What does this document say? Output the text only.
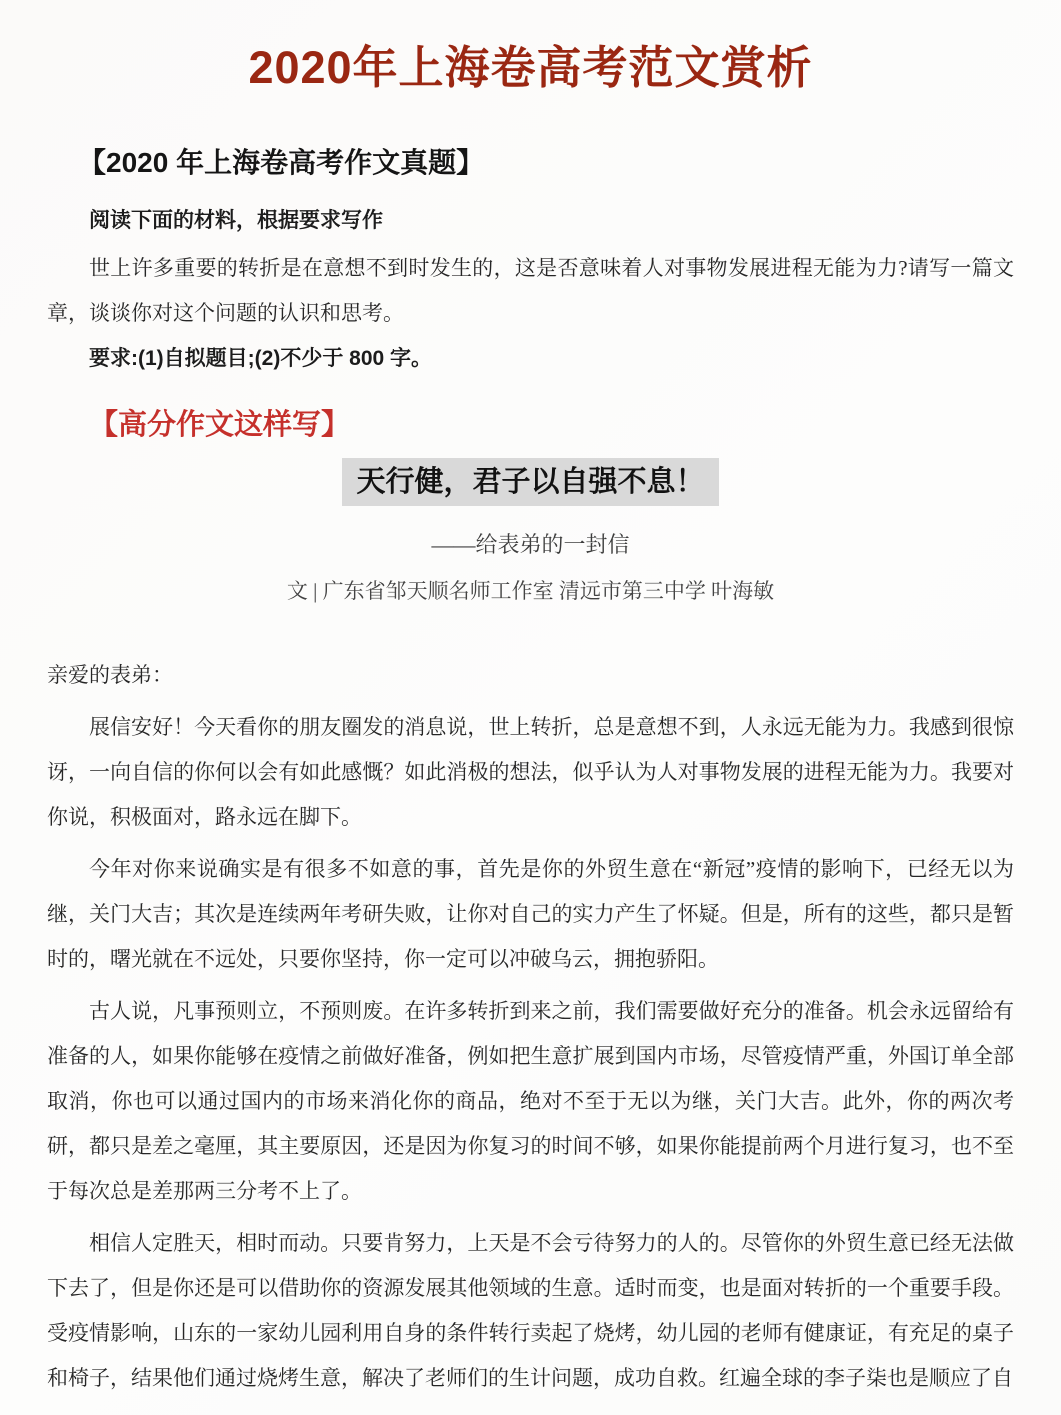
2020年上海卷高考范文赏析
【2020 年上海卷高考作文真题】

阅读下面的材料，根据要求写作

世上许多重要的转折是在意想不到时发生的，这是否意味着人对事物发展进程无能为力?请写一篇文章，谈谈你对这个问题的认识和思考。

要求:(1)自拟题目;(2)不少于 800 字。

【高分作文这样写】
天行健，君子以自强不息！

——给表弟的一封信

文 | 广东省邹天顺名师工作室 清远市第三中学 叶海敏

亲爱的表弟：

展信安好！今天看你的朋友圈发的消息说，世上转折，总是意想不到，人永远无能为力。我感到很惊讶，一向自信的你何以会有如此感慨？如此消极的想法，似乎认为人对事物发展的进程无能为力。我要对你说，积极面对，路永远在脚下。

今年对你来说确实是有很多不如意的事，首先是你的外贸生意在“新冠”疫情的影响下，已经无以为继，关门大吉；其次是连续两年考研失败，让你对自己的实力产生了怀疑。但是，所有的这些，都只是暂时的，曙光就在不远处，只要你坚持，你一定可以冲破乌云，拥抱骄阳。

古人说，凡事预则立，不预则废。在许多转折到来之前，我们需要做好充分的准备。机会永远留给有准备的人，如果你能够在疫情之前做好准备，例如把生意扩展到国内市场，尽管疫情严重，外国订单全部取消，你也可以通过国内的市场来消化你的商品，绝对不至于无以为继，关门大吉。此外，你的两次考研，都只是差之毫厘，其主要原因，还是因为你复习的时间不够，如果你能提前两个月进行复习，也不至于每次总是差那两三分考不上了。

相信人定胜天，相时而动。只要肯努力，上天是不会亏待努力的人的。尽管你的外贸生意已经无法做下去了，但是你还是可以借助你的资源发展其他领域的生意。适时而变，也是面对转折的一个重要手段。受疫情影响，山东的一家幼儿园利用自身的条件转行卖起了烧烤，幼儿园的老师有健康证，有充足的桌子和椅子，结果他们通过烧烤生意，解决了老师们的生计问题，成功自救。红遍全球的李子柒也是顺应了自
